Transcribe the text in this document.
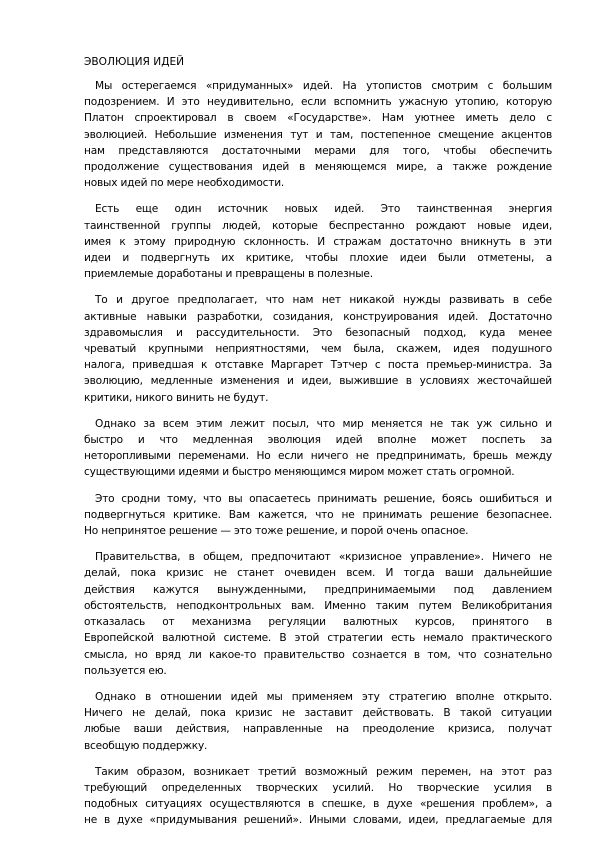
ЭВОЛЮЦИЯ ИДЕЙ
Мы остерегаемся «придуманных» идей. На утопистов смотрим с большим
подозрением. И это неудивительно, если вспомнить ужасную утопию, которую
Платон спроектировал в своем «Государстве». Нам уютнее иметь дело с
эволюцией. Небольшие изменения тут и там, постепенное смещение акцентов
нам представляются достаточными мерами для того, чтобы обеспечить
продолжение существования идей в меняющемся мире, а также рождение
новых идей по мере необходимости.
Есть еще один источник новых идей. Это таинственная энергия
таинственной группы людей, которые беспрестанно рождают новые идеи,
имея к этому природную склонность. И стражам достаточно вникнуть в эти
идеи и подвергнуть их критике, чтобы плохие идеи были отметены, а
приемлемые доработаны и превращены в полезные.
То и другое предполагает, что нам нет никакой нужды развивать в себе
активные навыки разработки, созидания, конструирования идей. Достаточно
здравомыслия и рассудительности. Это безопасный подход, куда менее
чреватый крупными неприятностями, чем была, скажем, идея подушного
налога, приведшая к отставке Маргарет Тэтчер с поста премьер-министра. За
эволюцию, медленные изменения и идеи, выжившие в условиях жесточайшей
критики, никого винить не будут.
Однако за всем этим лежит посыл, что мир меняется не так уж сильно и
быстро и что медленная эволюция идей вполне может поспеть за
неторопливыми переменами. Но если ничего не предпринимать, брешь между
существующими идеями и быстро меняющимся миром может стать огромной.
Это сродни тому, что вы опасаетесь принимать решение, боясь ошибиться и
подвергнуться критике. Вам кажется, что не принимать решение безопаснее.
Но непринятое решение — это тоже решение, и порой очень опасное.
Правительства, в общем, предпочитают «кризисное управление». Ничего не
делай, пока кризис не станет очевиден всем. И тогда ваши дальнейшие
действия кажутся вынужденными, предпринимаемыми под давлением
обстоятельств, неподконтрольных вам. Именно таким путем Великобритания
отказалась от механизма регуляции валютных курсов, принятого в
Европейской валютной системе. В этой стратегии есть немало практического
смысла, но вряд ли какое-то правительство сознается в том, что сознательно
пользуется ею.
Однако в отношении идей мы применяем эту стратегию вполне открыто.
Ничего не делай, пока кризис не заставит действовать. В такой ситуации
любые ваши действия, направленные на преодоление кризиса, получат
всеобщую поддержку.
Таким образом, возникает третий возможный режим перемен, на этот раз
требующий определенных творческих усилий. Но творческие усилия в
подобных ситуациях осуществляются в спешке, в духе «решения проблем», а
не в духе «придумывания решений». Иными словами, идеи, предлагаемые для
